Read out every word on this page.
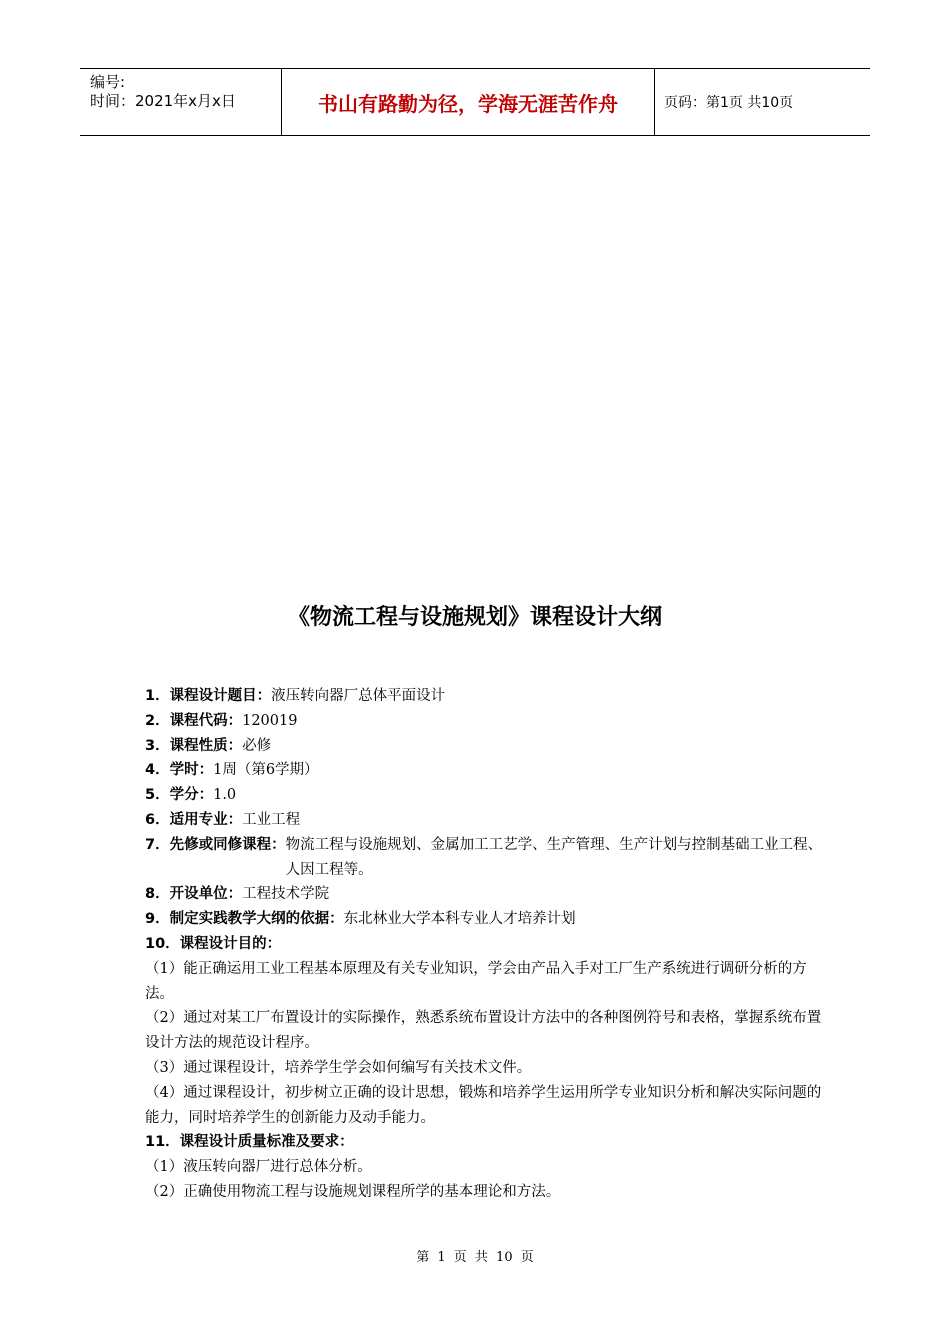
编号:
时间：2021年x月x日	书山有路勤为径，学海无涯苦作舟	页码：第1页 共10页
《物流工程与设施规划》课程设计大纲
1．课程设计题目： 液压转向器厂总体平面设计
2．课程代码： 120019
3．课程性质： 必修
4．学时： 1周（第6学期）
5．学分： 1.0
6．适用专业： 工业工程
7．先修或同修课程： 物流工程与设施规划、金属加工工艺学、生产管理、生产计划与控制基础工业工程、人因工程等。
8．开设单位： 工程技术学院
9．制定实践教学大纲的依据： 东北林业大学本科专业人才培养计划
10．课程设计目的：
（1）能正确运用工业工程基本原理及有关专业知识，学会由产品入手对工厂生产系统进行调研分析的方法。
（2）通过对某工厂布置设计的实际操作，熟悉系统布置设计方法中的各种图例符号和表格，掌握系统布置设计方法的规范设计程序。
（3）通过课程设计，培养学生学会如何编写有关技术文件。
（4）通过课程设计，初步树立正确的设计思想，锻炼和培养学生运用所学专业知识分析和解决实际问题的能力，同时培养学生的创新能力及动手能力。
11．课程设计质量标准及要求：
（1）液压转向器厂进行总体分析。
（2）正确使用物流工程与设施规划课程所学的基本理论和方法。
第 1 页 共 10 页
